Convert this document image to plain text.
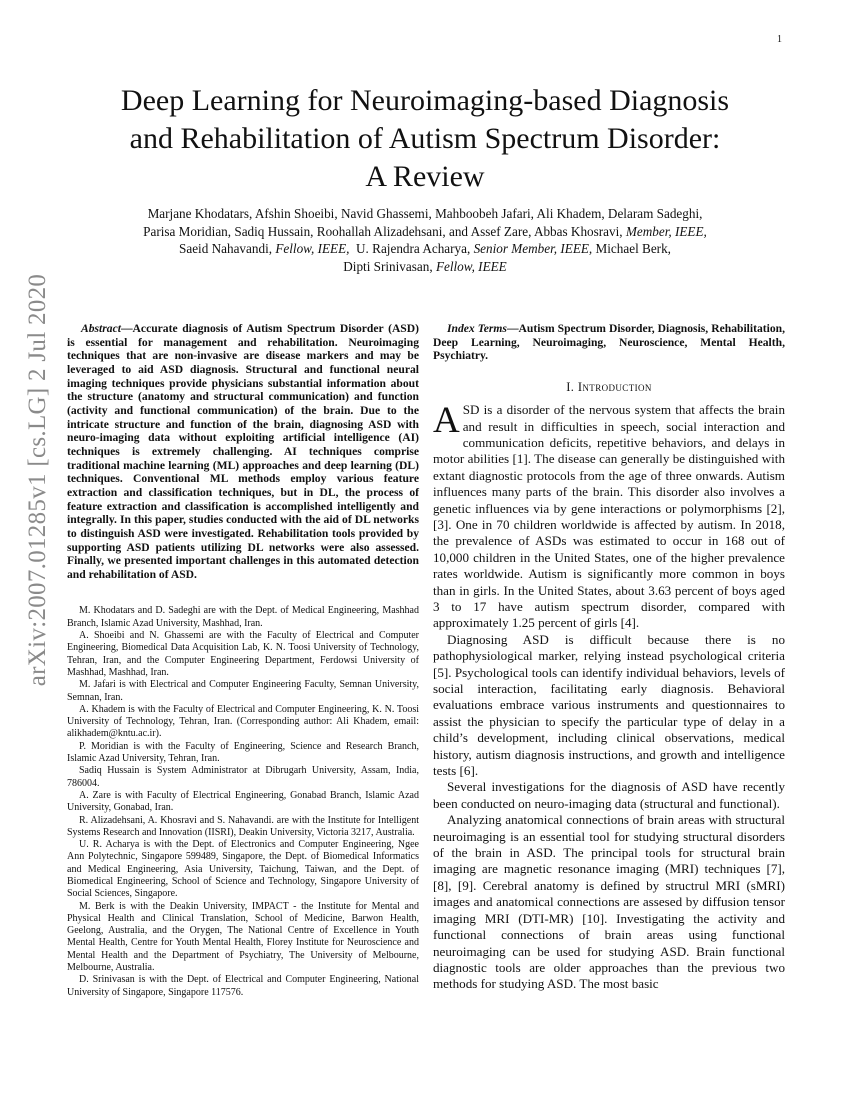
1
arXiv:2007.01285v1 [cs.LG] 2 Jul 2020
Deep Learning for Neuroimaging-based Diagnosis
and Rehabilitation of Autism Spectrum Disorder:
A Review
Marjane Khodatars, Afshin Shoeibi, Navid Ghassemi, Mahboobeh Jafari, Ali Khadem, Delaram Sadeghi,
Parisa Moridian, Sadiq Hussain, Roohallah Alizadehsani, and Assef Zare, Abbas Khosravi, Member, IEEE,
Saeid Nahavandi, Fellow, IEEE,  U. Rajendra Acharya, Senior Member, IEEE, Michael Berk,
Dipti Srinivasan, Fellow, IEEE

Abstract—Accurate diagnosis of Autism Spectrum Disorder (ASD) is essential for management and rehabilitation. Neuroimaging techniques that are non-invasive are disease markers and may be leveraged to aid ASD diagnosis. Structural and functional neural imaging techniques provide physicians substantial information about the structure (anatomy and structural communication) and function (activity and functional communication) of the brain. Due to the intricate structure and function of the brain, diagnosing ASD with neuro-imaging data without exploiting artificial intelligence (AI) techniques is extremely challenging. AI techniques comprise traditional machine learning (ML) approaches and deep learning (DL) techniques. Conventional ML methods employ various feature extraction and classification techniques, but in DL, the process of feature extraction and classification is accomplished intelligently and integrally. In this paper, studies conducted with the aid of DL networks to distinguish ASD were investigated. Rehabilitation tools provided by supporting ASD patients utilizing DL networks were also assessed. Finally, we presented important challenges in this automated detection and rehabilitation of ASD.

M. Khodatars and D. Sadeghi are with the Dept. of Medical Engineering, Mashhad Branch, Islamic Azad University, Mashhad, Iran.

A. Shoeibi and N. Ghassemi are with the Faculty of Electrical and Computer Engineering, Biomedical Data Acquisition Lab, K. N. Toosi University of Technology, Tehran, Iran, and the Computer Engineering Department, Ferdowsi University of Mashhad, Mashhad, Iran.

M. Jafari is with Electrical and Computer Engineering Faculty, Semnan University, Semnan, Iran.

A. Khadem is with the Faculty of Electrical and Computer Engineering, K. N. Toosi University of Technology, Tehran, Iran. (Corresponding author: Ali Khadem, email: alikhadem@kntu.ac.ir).

P. Moridian is with the Faculty of Engineering, Science and Research Branch, Islamic Azad University, Tehran, Iran.

Sadiq Hussain is System Administrator at Dibrugarh University, Assam, India, 786004.

A. Zare is with Faculty of Electrical Engineering, Gonabad Branch, Islamic Azad University, Gonabad, Iran.

R. Alizadehsani, A. Khosravi and S. Nahavandi. are with the Institute for Intelligent Systems Research and Innovation (IISRI), Deakin University, Victoria 3217, Australia.

U. R. Acharya is with the Dept. of Electronics and Computer Engineering, Ngee Ann Polytechnic, Singapore 599489, Singapore, the Dept. of Biomedical Informatics and Medical Engineering, Asia University, Taichung, Taiwan, and the Dept. of Biomedical Engineering, School of Science and Technology, Singapore University of Social Sciences, Singapore.

M. Berk is with the Deakin University, IMPACT - the Institute for Mental and Physical Health and Clinical Translation, School of Medicine, Barwon Health, Geelong, Australia, and the Orygen, The National Centre of Excellence in Youth Mental Health, Centre for Youth Mental Health, Florey Institute for Neuroscience and Mental Health and the Department of Psychiatry, The University of Melbourne, Melbourne, Australia.

D. Srinivasan is with the Dept. of Electrical and Computer Engineering, National University of Singapore, Singapore 117576.

Index Terms—Autism Spectrum Disorder, Diagnosis, Rehabilitation, Deep Learning, Neuroimaging, Neuroscience, Mental Health, Psychiatry.

I. Introduction

ASD is a disorder of the nervous system that affects the brain and result in difficulties in speech, social interaction and communication deficits, repetitive behaviors, and delays in motor abilities [1]. The disease can generally be distinguished with extant diagnostic protocols from the age of three onwards. Autism influences many parts of the brain. This disorder also involves a genetic influences via by gene interactions or polymorphisms [2], [3]. One in 70 children worldwide is affected by autism. In 2018, the prevalence of ASDs was estimated to occur in 168 out of 10,000 children in the United States, one of the higher prevalence rates worldwide. Autism is significantly more common in boys than in girls. In the United States, about 3.63 percent of boys aged 3 to 17 have autism spectrum disorder, compared with approximately 1.25 percent of girls [4].

Diagnosing ASD is difficult because there is no pathophysiological marker, relying instead psychological criteria [5]. Psychological tools can identify individual behaviors, levels of social interaction, facilitating early diagnosis. Behavioral evaluations embrace various instruments and questionnaires to assist the physician to specify the particular type of delay in a child’s development, including clinical observations, medical history, autism diagnosis instructions, and growth and intelligence tests [6].

Several investigations for the diagnosis of ASD have recently been conducted on neuro-imaging data (structural and functional).

Analyzing anatomical connections of brain areas with structural neuroimaging is an essential tool for studying structural disorders of the brain in ASD. The principal tools for structural brain imaging are magnetic resonance imaging (MRI) techniques [7], [8], [9]. Cerebral anatomy is defined by structrul MRI (sMRI) images and anatomical connections are assesed by diffusion tensor imaging MRI (DTI-MR) [10]. Investigating the activity and functional connections of brain areas using functional neuroimaging can be used for studying ASD. Brain functional diagnostic tools are older approaches than the previous two methods for studying ASD. The most basic
